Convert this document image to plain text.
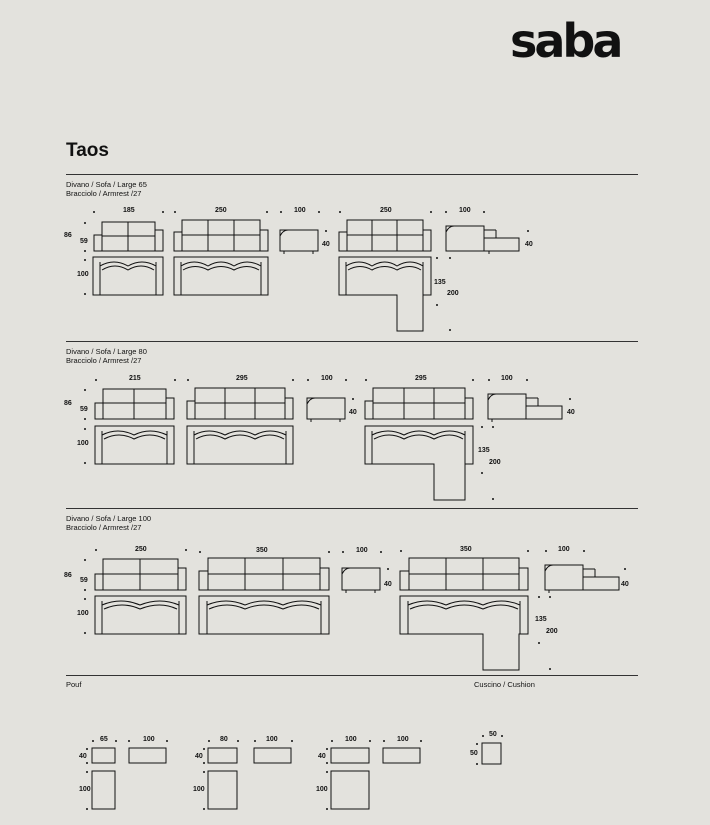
saba
Taos
Divano / Sofa / Large 65
Bracciolo / Armrest /27
Divano / Sofa / Large 80
Bracciolo / Armrest /27
Divano / Sofa / Large 100
Bracciolo / Armrest /27
Pouf	Cuscino / Cushion
185	250	100	250	100
86
59	40	40
100
135
200
215	295	100	295	100
86
59	40	40
100
135
200
250	350	100	350	100
86
59
40	40
100
135
200
65	100
40
100
80	100
40
100
100	100
40
100
50
50
